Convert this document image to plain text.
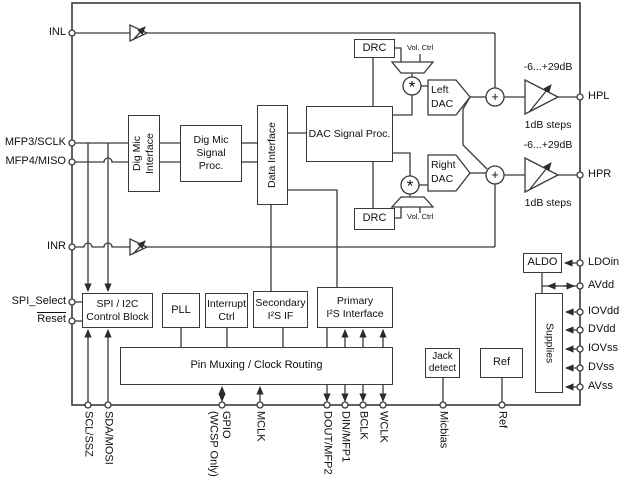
*
*
+
+
Dig Mic
Interface	Dig Mic
Signal
Proc.	Data Interface	DAC Signal Proc.
DRC
DRC
SPI / I2C
Control Block
PLL
Interrupt
Ctrl
Secondary
I²S IF
Primary
I²S Interface
Pin Muxing / Clock Routing
Jack
detect
Ref
ALDO
Supplies
Left
DAC
Right
DAC
Vol. Ctrl
Vol. Ctrl
-6...+29dB
1dB steps
-6...+29dB
1dB steps
INL
MFP3/SCLK
MFP4/MISO
INR
SPI_Select
Reset
HPL
HPR
LDOin
AVdd
IOVdd
DVdd
IOVss
DVss
AVss
SCL/SSZ SDA/MOSI	GPIO
(WCSP Only)
MCLK	DOUT/MFP2 DIN/MFP1 BCLK WCLK	Micbias	Ref
